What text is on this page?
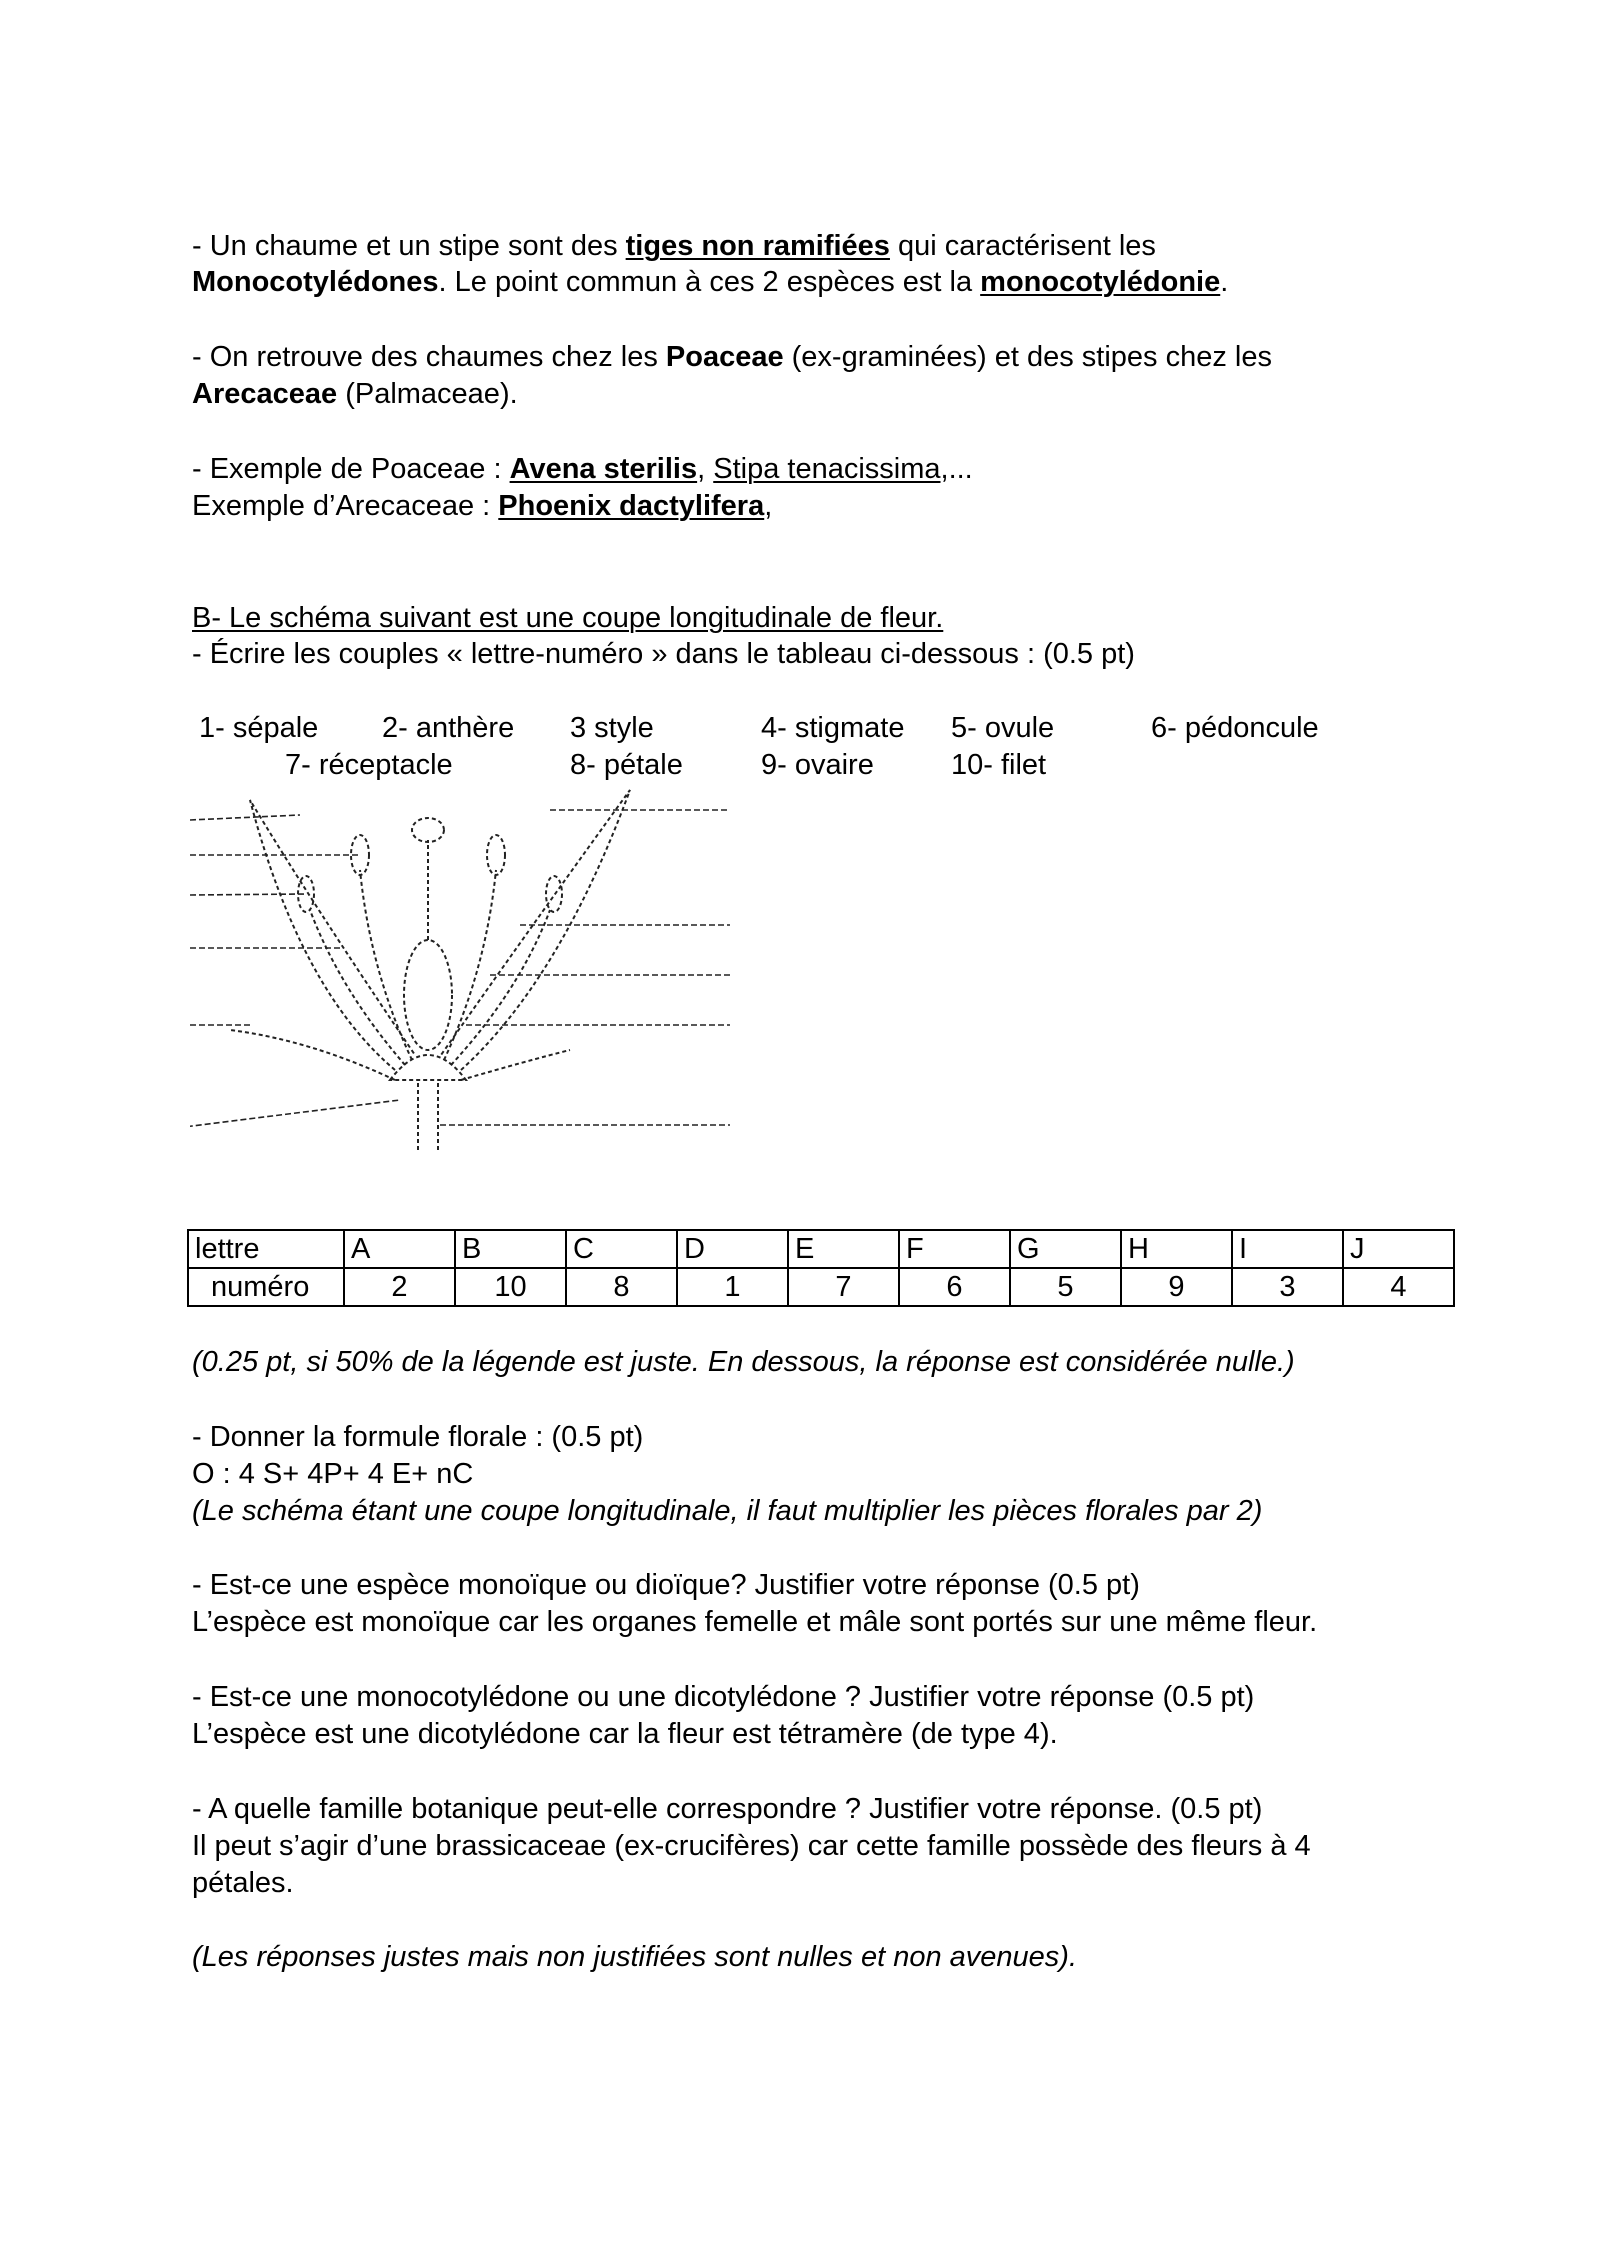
- Un chaume et un stipe sont des tiges non ramifiées qui caractérisent les
Monocotylédones. Le point commun à ces 2 espèces est la monocotylédonie.
- On retrouve des chaumes chez les Poaceae (ex-graminées) et des stipes chez les
Arecaceae (Palmaceae).
- Exemple de Poaceae : Avena sterilis, Stipa tenacissima,...
Exemple d’Arecaceae : Phoenix dactylifera,
B- Le schéma suivant est une coupe longitudinale de fleur.
- Écrire les couples « lettre-numéro » dans le tableau ci-dessous : (0.5 pt)
1- sépale 2- anthère 3 style	4- stigmate 5- ovule	6- pédoncule
7- réceptacle	8- pétale	9- ovaire	10- filet
lettre	A	B	C	D	E	F	G	H	I	J
numéro	2	10	8	1	7	6	5	9	3	4
(0.25 pt, si 50% de la légende est juste. En dessous, la réponse est considérée nulle.)
- Donner la formule florale : (0.5 pt)
O : 4 S+ 4P+ 4 E+ nC
(Le schéma étant une coupe longitudinale, il faut multiplier les pièces florales par 2)
- Est-ce une espèce monoïque ou dioïque? Justifier votre réponse (0.5 pt)
L’espèce est monoïque car les organes femelle et mâle sont portés sur une même fleur.
- Est-ce une monocotylédone ou une dicotylédone ? Justifier votre réponse (0.5 pt)
L’espèce est une dicotylédone car la fleur est tétramère (de type 4).
- A quelle famille botanique peut-elle correspondre ? Justifier votre réponse. (0.5 pt)
Il peut s’agir d’une brassicaceae (ex-crucifères) car cette famille possède des fleurs à 4
pétales.
(Les réponses justes mais non justifiées sont nulles et non avenues).
